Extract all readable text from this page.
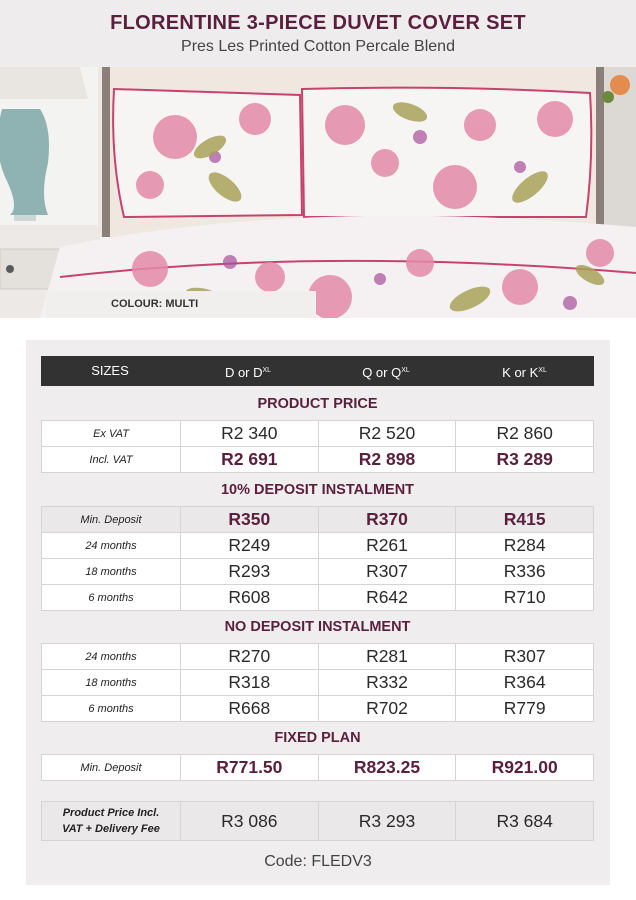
FLORENTINE 3-PIECE DUVET COVER SET
Pres Les Printed Cotton Percale Blend
COLOUR: MULTI
SIZES	D or $D^{XL}$	Q or $Q^{XL}$	K or $K^{XL}$
PRODUCT PRICE
Ex VAT	R2 340	R2 520	R2 860
Incl. VAT	R2 691	R2 898	R3 289
10% DEPOSIT INSTALMENT
Min. Deposit	R350	R370	R415
24 months	R249	R261	R284
18 months	R293	R307	R336
6 months	R608	R642	R710
NO DEPOSIT INSTALMENT
24 months	R270	R281	R307
18 months	R318	R332	R364
6 months	R668	R702	R779
FIXED PLAN
Min. Deposit	R771.50	R823.25	R921.00
Product Price Incl.
VAT + Delivery Fee	R3 086	R3 293	R3 684
Code: FLEDV3
